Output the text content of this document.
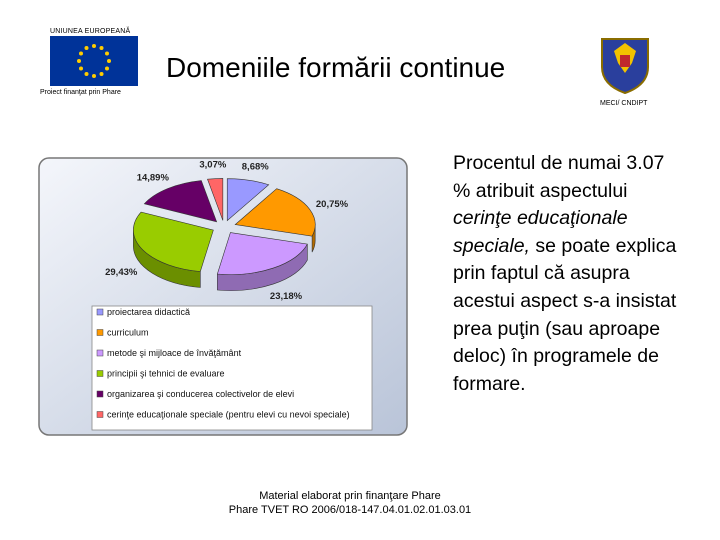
UNIUNEA EUROPEANĂ
Proiect finanţat prin Phare
Domeniile formării continue
MECI/ CNDIPT
8,68%
20,75%
23,18%
29,43%
14,89%
3,07%
proiectarea didactică
curriculum
metode şi mijloace de învăţământ
principii şi tehnici de evaluare
organizarea şi conducerea colectivelor de elevi
cerinţe educaţionale speciale (pentru elevi cu nevoi speciale)
Procentul de numai 3.07 % atribuit aspectului cerinţe educaţionale speciale, se poate explica prin faptul că asupra acestui aspect s-a insistat prea puţin (sau aproape deloc) în programele de formare.
Material elaborat prin finanţare Phare
Phare TVET RO 2006/018-147.04.01.02.01.03.01
